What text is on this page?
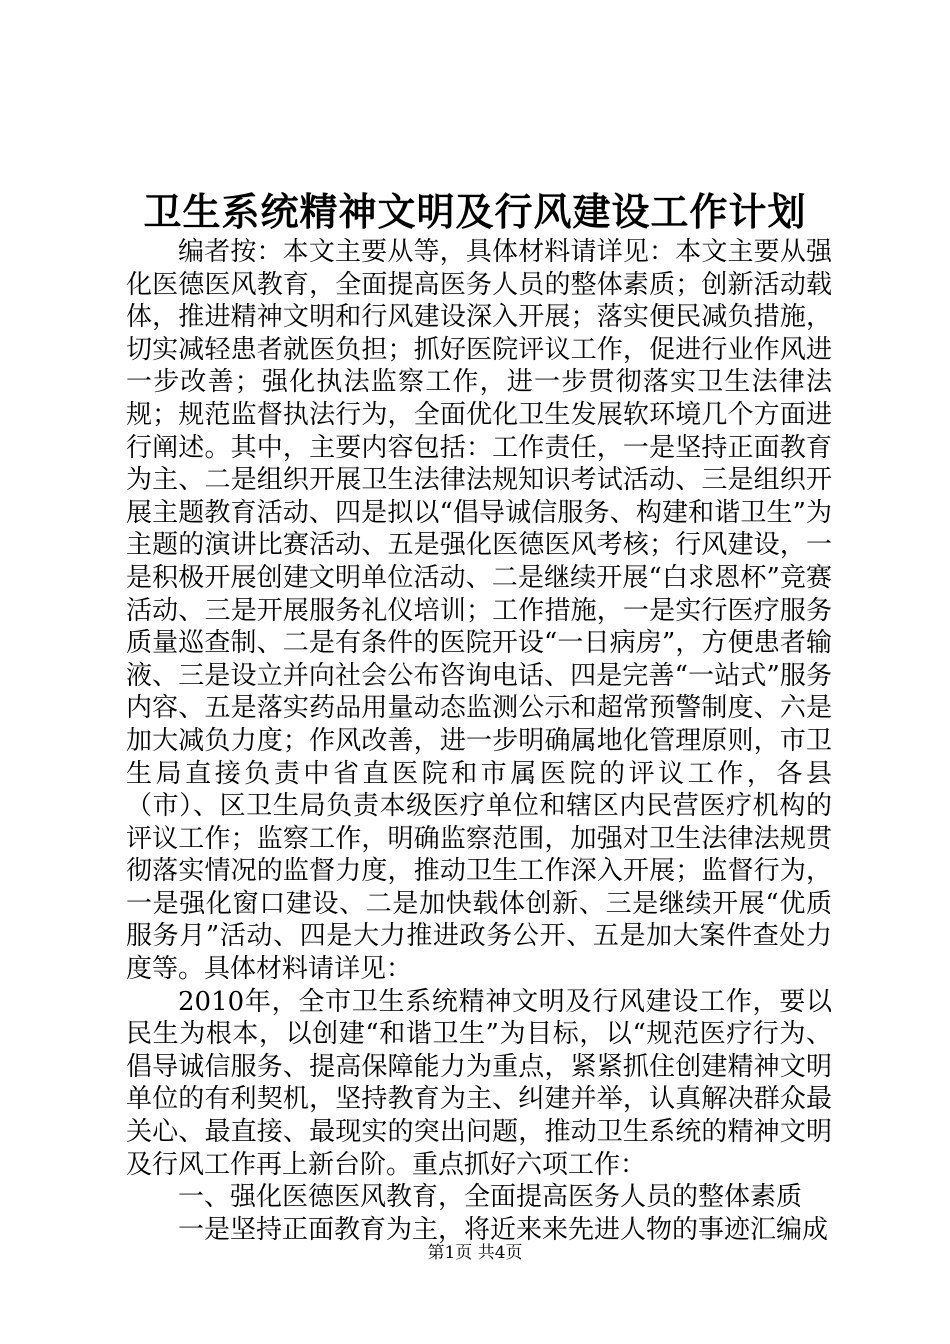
卫生系统精神文明及行风建设工作计划

编者按：本文主要从等，具体材料请详见：本文主要从强化医德医风教育，全面提高医务人员的整体素质；创新活动载体，推进精神文明和行风建设深入开展；落实便民减负措施，切实减轻患者就医负担；抓好医院评议工作，促进行业作风进一步改善；强化执法监察工作，进一步贯彻落实卫生法律法规；规范监督执法行为，全面优化卫生发展软环境几个方面进行阐述。其中，主要内容包括：工作责任，一是坚持正面教育为主、二是组织开展卫生法律法规知识考试活动、三是组织开展主题教育活动、四是拟以“倡导诚信服务、构建和谐卫生”为主题的演讲比赛活动、五是强化医德医风考核；行风建设，一是积极开展创建文明单位活动、二是继续开展“白求恩杯”竞赛活动、三是开展服务礼仪培训；工作措施，一是实行医疗服务质量巡查制、二是有条件的医院开设“一日病房”，方便患者输液、三是设立并向社会公布咨询电话、四是完善“一站式”服务内容、五是落实药品用量动态监测公示和超常预警制度、六是加大减负力度；作风改善，进一步明确属地化管理原则，市卫生局直接负责中省直医院和市属医院的评议工作，各县（市）、区卫生局负责本级医疗单位和辖区内民营医疗机构的评议工作；监察工作，明确监察范围，加强对卫生法律法规贯彻落实情况的监督力度，推动卫生工作深入开展；监督行为，一是强化窗口建设、二是加快载体创新、三是继续开展“优质服务月”活动、四是大力推进政务公开、五是加大案件查处力度等。具体材料请详见：

2010年，全市卫生系统精神文明及行风建设工作，要以民生为根本，以创建“和谐卫生”为目标，以“规范医疗行为、倡导诚信服务、提高保障能力为重点，紧紧抓住创建精神文明单位的有利契机，坚持教育为主、纠建并举，认真解决群众最关心、最直接、最现实的突出问题，推动卫生系统的精神文明及行风工作再上新台阶。重点抓好六项工作：

一、强化医德医风教育，全面提高医务人员的整体素质

一是坚持正面教育为主，将近来来先进人物的事迹汇编成

第1页 共4页
